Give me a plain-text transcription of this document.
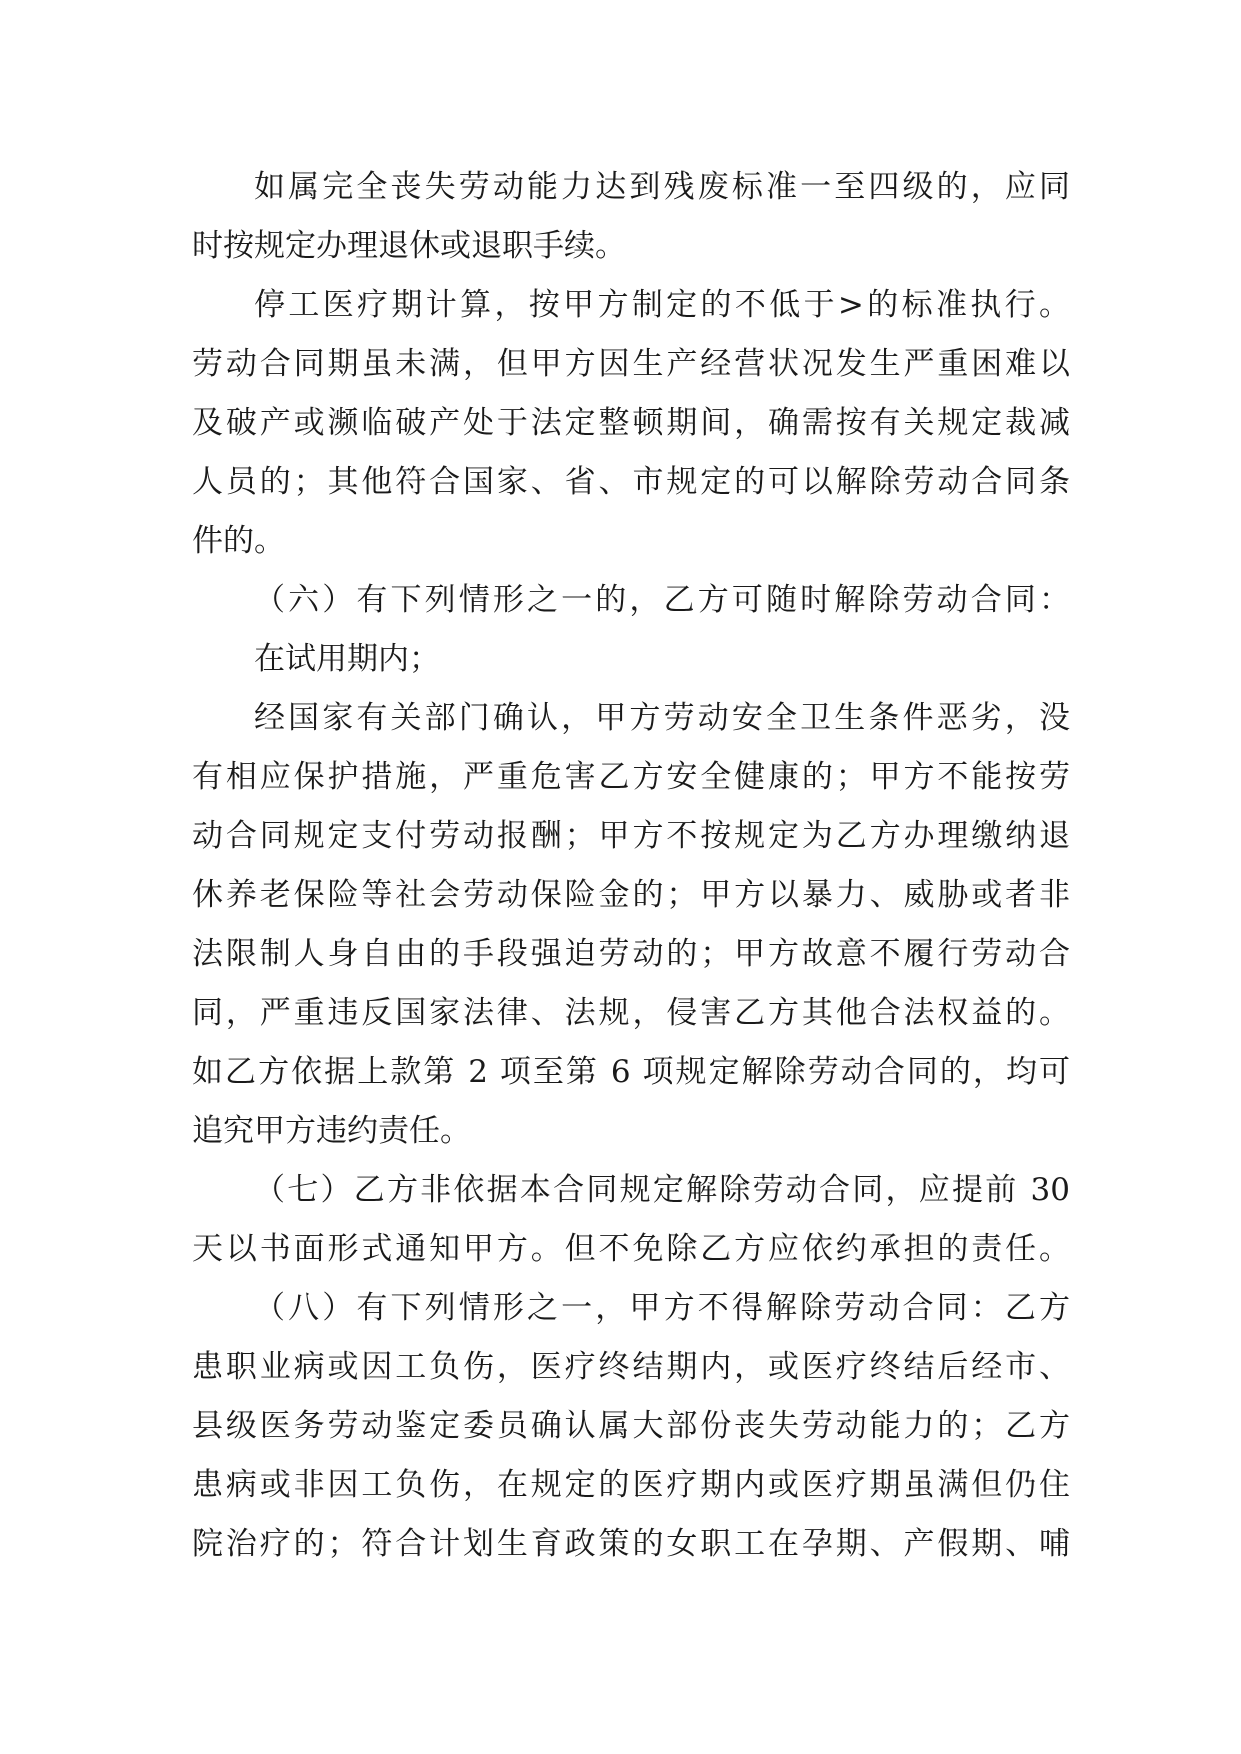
如属完全丧失劳动能力达到残废标准一至四级的，应同
时按规定办理退休或退职手续。
停工医疗期计算，按甲方制定的不低于>的标准执行。
劳动合同期虽未满，但甲方因生产经营状况发生严重困难以
及破产或濒临破产处于法定整顿期间，确需按有关规定裁减
人员的；其他符合国家、省、市规定的可以解除劳动合同条
件的。
（六）有下列情形之一的，乙方可随时解除劳动合同：
在试用期内；
经国家有关部门确认，甲方劳动安全卫生条件恶劣，没
有相应保护措施，严重危害乙方安全健康的；甲方不能按劳
动合同规定支付劳动报酬；甲方不按规定为乙方办理缴纳退
休养老保险等社会劳动保险金的；甲方以暴力、威胁或者非
法限制人身自由的手段强迫劳动的；甲方故意不履行劳动合
同，严重违反国家法律、法规，侵害乙方其他合法权益的。
如乙方依据上款第 2 项至第 6 项规定解除劳动合同的，均可
追究甲方违约责任。
（七）乙方非依据本合同规定解除劳动合同，应提前 30
天以书面形式通知甲方。但不免除乙方应依约承担的责任。
（八）有下列情形之一，甲方不得解除劳动合同：乙方
患职业病或因工负伤，医疗终结期内，或医疗终结后经市、
县级医务劳动鉴定委员确认属大部份丧失劳动能力的；乙方
患病或非因工负伤，在规定的医疗期内或医疗期虽满但仍住
院治疗的；符合计划生育政策的女职工在孕期、产假期、哺
